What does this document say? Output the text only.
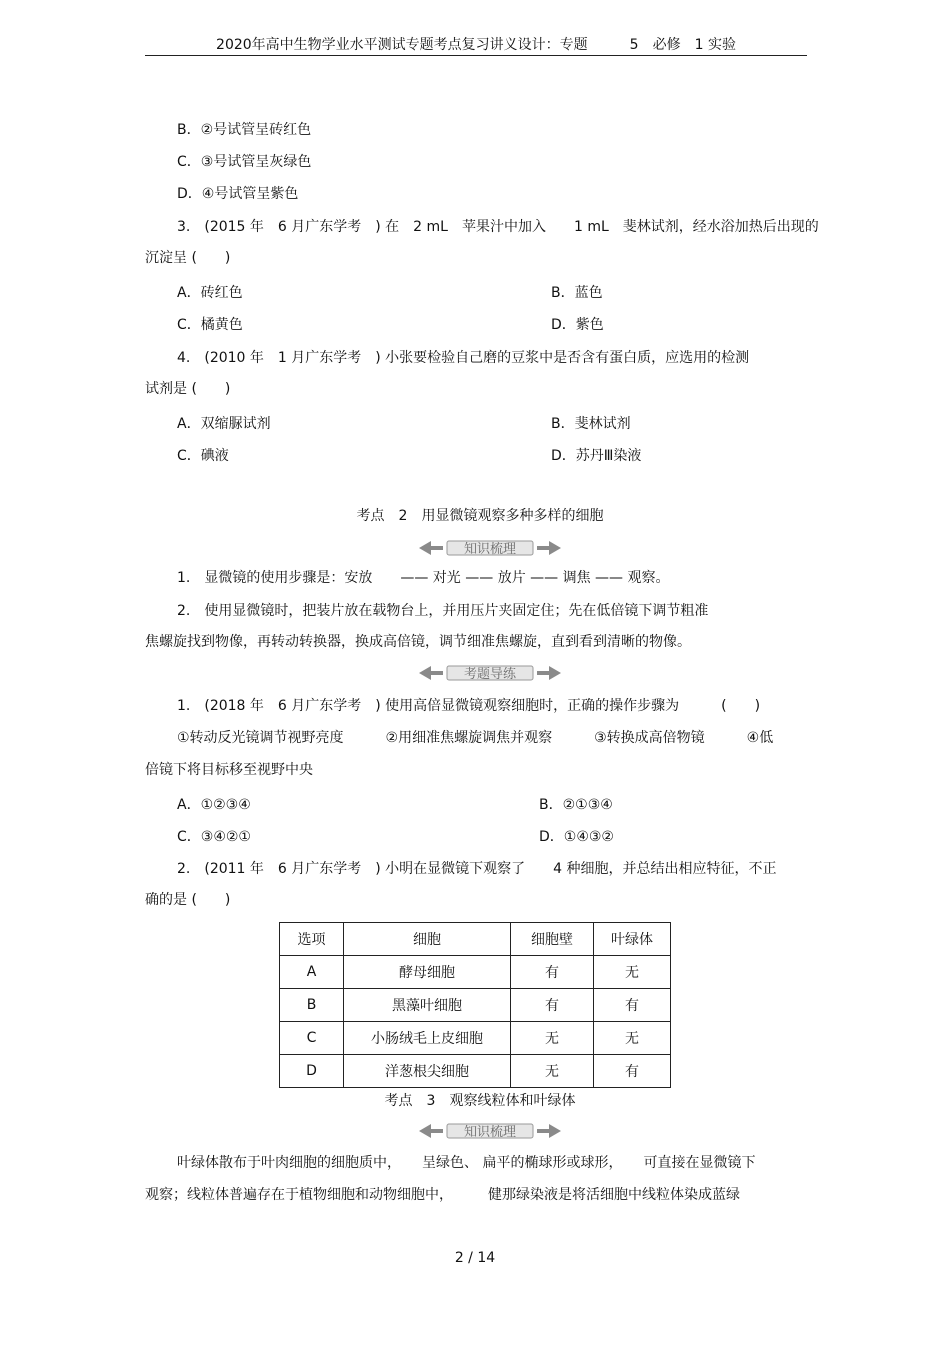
2020年高中生物学业水平测试专题考点复习讲义设计：专题　　　5　必修　1 实验
B．②号试管呈砖红色
C．③号试管呈灰绿色
D．④号试管呈紫色
3.　(2015 年　6 月广东学考　) 在　2 mL　苹果汁中加入　　1 mL　斐林试剂，经水浴加热后出现的
沉淀呈 (　　)
A．砖红色	B．蓝色
C．橘黄色	D．紫色
4.　(2010 年　1 月广东学考　) 小张要检验自己磨的豆浆中是否含有蛋白质，应选用的检测
试剂是 (　　)
A．双缩脲试剂	B．斐林试剂
C．碘液	D．苏丹Ⅲ染液
考点　2　用显微镜观察多种多样的细胞
知识梳理
1.　显微镜的使用步骤是：安放　　—— 对光 —— 放片 —— 调焦 —— 观察。
2.　使用显微镜时，把装片放在载物台上，并用压片夹固定住；先在低倍镜下调节粗准
焦螺旋找到物像，再转动转换器，换成高倍镜，调节细准焦螺旋，直到看到清晰的物像。
考题导练
1.　(2018 年　6 月广东学考　) 使用高倍显微镜观察细胞时，正确的操作步骤为　　　(　　)
①转动反光镜调节视野亮度　　　②用细准焦螺旋调焦并观察　　　③转换成高倍物镜　　　④低
倍镜下将目标移至视野中央
A．①②③④	B．②①③④
C．③④②①	D．①④③②
2.　(2011 年　6 月广东学考　) 小明在显微镜下观察了　　4 种细胞，并总结出相应特征，不正
确的是 (　　)
选项	细胞	细胞壁	叶绿体
A	酵母细胞	有	无
B	黑藻叶细胞	有	有
C	小肠绒毛上皮细胞	无	无
D	洋葱根尖细胞	无	有
考点　3　观察线粒体和叶绿体
知识梳理
叶绿体散布于叶肉细胞的细胞质中，　　呈绿色、 扁平的椭球形或球形，　　可直接在显微镜下
观察；线粒体普遍存在于植物细胞和动物细胞中，　　　健那绿染液是将活细胞中线粒体染成蓝绿
2 / 14
